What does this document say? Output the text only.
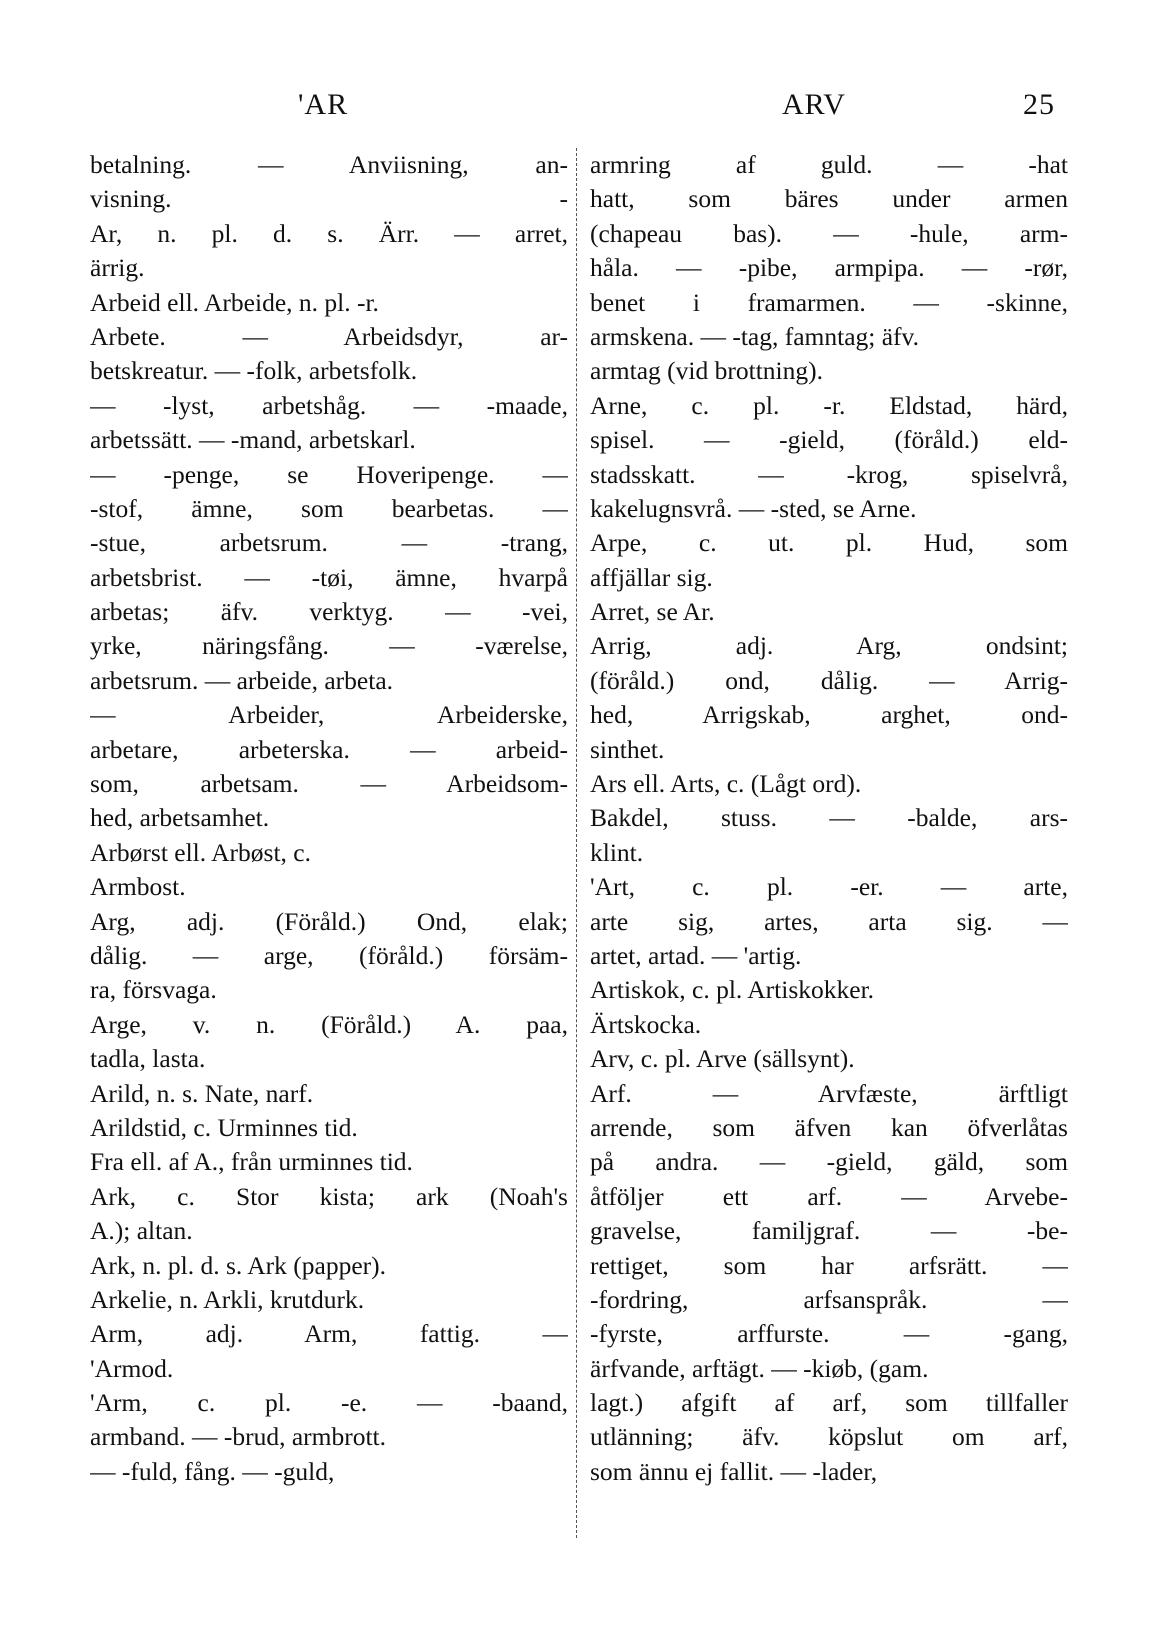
'AR	ARV	25
betalning. — Anviisning, an-
visning. -
Ar, n. pl. d. s. Ärr. — arret,
ärrig.
Arbeid ell. Arbeide, n. pl. -r.
Arbete. — Arbeidsdyr, ar-
betskreatur. — -folk, arbetsfolk.
— -lyst, arbetshåg. — -maade,
arbetssätt. — -mand, arbetskarl.
— -penge, se Hoveripenge. —
-stof, ämne, som bearbetas. —
-stue, arbetsrum. — -trang,
arbetsbrist. — -tøi, ämne, hvarpå
arbetas; äfv. verktyg. — -vei,
yrke, näringsfång. — -værelse,
arbetsrum. — arbeide, arbeta.
— Arbeider, Arbeiderske,
arbetare, arbeterska. — arbeid-
som, arbetsam. — Arbeidsom-
hed, arbetsamhet.
Arbørst ell. Arbøst, c.
Armbost.
Arg, adj. (Föråld.) Ond, elak;
dålig. — arge, (föråld.) försäm-
ra, försvaga.
Arge, v. n. (Föråld.) A. paa,
tadla, lasta.
Arild, n. s. Nate, narf.
Arildstid, c. Urminnes tid.
Fra ell. af A., från urminnes tid.
Ark, c. Stor kista; ark (Noah's
A.); altan.
Ark, n. pl. d. s. Ark (papper).
Arkelie, n. Arkli, krutdurk.
Arm, adj. Arm, fattig. —
'Armod.
'Arm, c. pl. -e. — -baand,
armband. — -brud, armbrott.
— -fuld, fång. — -guld,
armring af guld. — -hat
hatt, som bäres under armen
(chapeau bas). — -hule, arm-
håla. — -pibe, armpipa. — -rør,
benet i framarmen. — -skinne,
armskena. — -tag, famntag; äfv.
armtag (vid brottning).
Arne, c. pl. -r. Eldstad, härd,
spisel. — -gield, (föråld.) eld-
stadsskatt. — -krog, spiselvrå,
kakelugnsvrå. — -sted, se Arne.
Arpe, c. ut. pl. Hud, som
affjällar sig.
Arret, se Ar.
Arrig, adj. Arg, ondsint;
(föråld.) ond, dålig. — Arrig-
hed, Arrigskab, arghet, ond-
sinthet.
Ars ell. Arts, c. (Lågt ord).
Bakdel, stuss. — -balde, ars-
klint.
'Art, c. pl. -er. — arte,
arte sig, artes, arta sig. —
artet, artad. — 'artig.
Artiskok, c. pl. Artiskokker.
Ärtskocka.
Arv, c. pl. Arve (sällsynt).
Arf. — Arvfæste, ärftligt
arrende, som äfven kan öfverlåtas
på andra. — -gield, gäld, som
åtföljer ett arf. — Arvebe-
gravelse, familjgraf. — -be-
rettiget, som har arfsrätt. —
-fordring, arfsanspråk. —
-fyrste, arffurste. — -gang,
ärfvande, arftägt. — -kiøb, (gam.
lagt.) afgift af arf, som tillfaller
utlänning; äfv. köpslut om arf,
som ännu ej fallit. — -lader,
